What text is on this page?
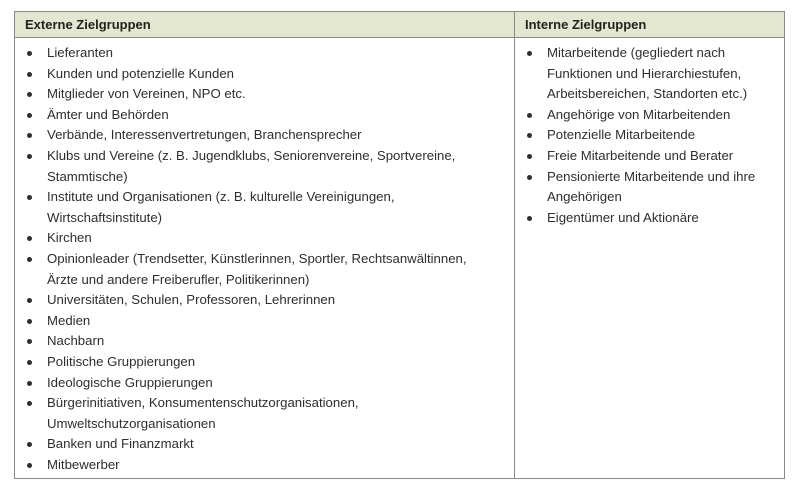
Externe Zielgruppen	Interne Zielgruppen
Lieferanten
Kunden und potenzielle Kunden
Mitglieder von Vereinen, NPO etc.
Ämter und Behörden
Verbände, Interessenvertretungen, Branchensprecher
Klubs und Vereine (z. B. Jugendklubs, Seniorenvereine, Sportvereine, Stammtische)
Institute und Organisationen (z. B. kulturelle Vereinigungen, Wirtschaftsinstitute)
Kirchen
Opinionleader (Trendsetter, Künstlerinnen, Sportler, Rechtsanwältinnen, Ärzte und andere Freiberufler, Politikerinnen)
Universitäten, Schulen, Professoren, Lehrerinnen
Medien
Nachbarn
Politische Gruppierungen
Ideologische Gruppierungen
Bürgerinitiativen, Konsumentenschutzorganisationen, Umweltschutzorganisationen
Banken und Finanzmarkt
Mitbewerber
Mitarbeitende (gegliedert nach Funktionen und Hierarchiestufen, Arbeitsbereichen, Standorten etc.)
Angehörige von Mitarbeitenden
Potenzielle Mitarbeitende
Freie Mitarbeitende und Berater
Pensionierte Mitarbeitende und ihre Angehörigen
Eigentümer und Aktionäre
